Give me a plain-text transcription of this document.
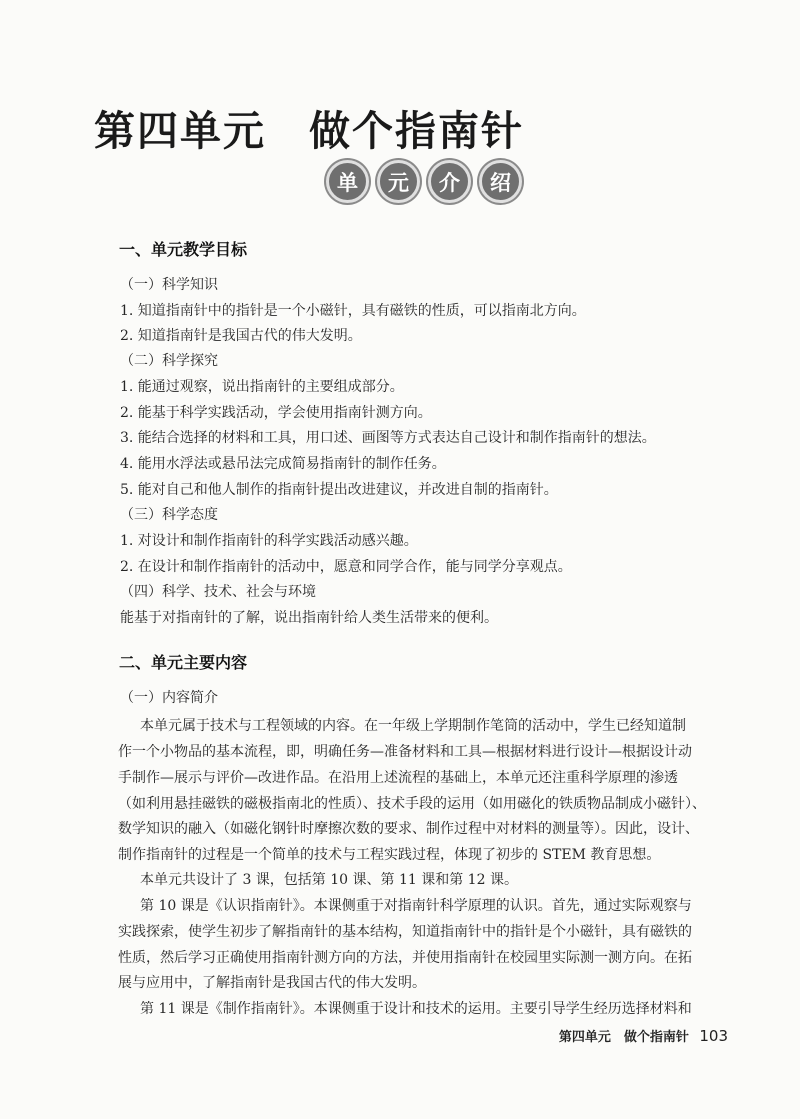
第四单元　做个指南针
单	元	介	绍
一、单元教学目标
（一）科学知识
1. 知道指南针中的指针是一个小磁针，具有磁铁的性质，可以指南北方向。
2. 知道指南针是我国古代的伟大发明。
（二）科学探究
1. 能通过观察，说出指南针的主要组成部分。
2. 能基于科学实践活动，学会使用指南针测方向。
3. 能结合选择的材料和工具，用口述、画图等方式表达自己设计和制作指南针的想法。
4. 能用水浮法或悬吊法完成简易指南针的制作任务。
5. 能对自己和他人制作的指南针提出改进建议，并改进自制的指南针。
（三）科学态度
1. 对设计和制作指南针的科学实践活动感兴趣。
2. 在设计和制作指南针的活动中，愿意和同学合作，能与同学分享观点。
（四）科学、技术、社会与环境
能基于对指南针的了解，说出指南针给人类生活带来的便利。
二、单元主要内容
（一）内容简介
本单元属于技术与工程领域的内容。在一年级上学期制作笔筒的活动中，学生已经知道制
作一个小物品的基本流程，即，明确任务—准备材料和工具—根据材料进行设计—根据设计动
手制作—展示与评价—改进作品。在沿用上述流程的基础上，本单元还注重科学原理的渗透
（如利用悬挂磁铁的磁极指南北的性质）、技术手段的运用（如用磁化的铁质物品制成小磁针）、
数学知识的融入（如磁化钢针时摩擦次数的要求、制作过程中对材料的测量等）。因此，设计、
制作指南针的过程是一个简单的技术与工程实践过程，体现了初步的 STEM 教育思想。
本单元共设计了 3 课，包括第 10 课、第 11 课和第 12 课。
第 10 课是《认识指南针》。本课侧重于对指南针科学原理的认识。首先，通过实际观察与
实践探索，使学生初步了解指南针的基本结构，知道指南针中的指针是个小磁针，具有磁铁的
性质，然后学习正确使用指南针测方向的方法，并使用指南针在校园里实际测一测方向。在拓
展与应用中，了解指南针是我国古代的伟大发明。
第 11 课是《制作指南针》。本课侧重于设计和技术的运用。主要引导学生经历选择材料和
第四单元　做个指南针 103
